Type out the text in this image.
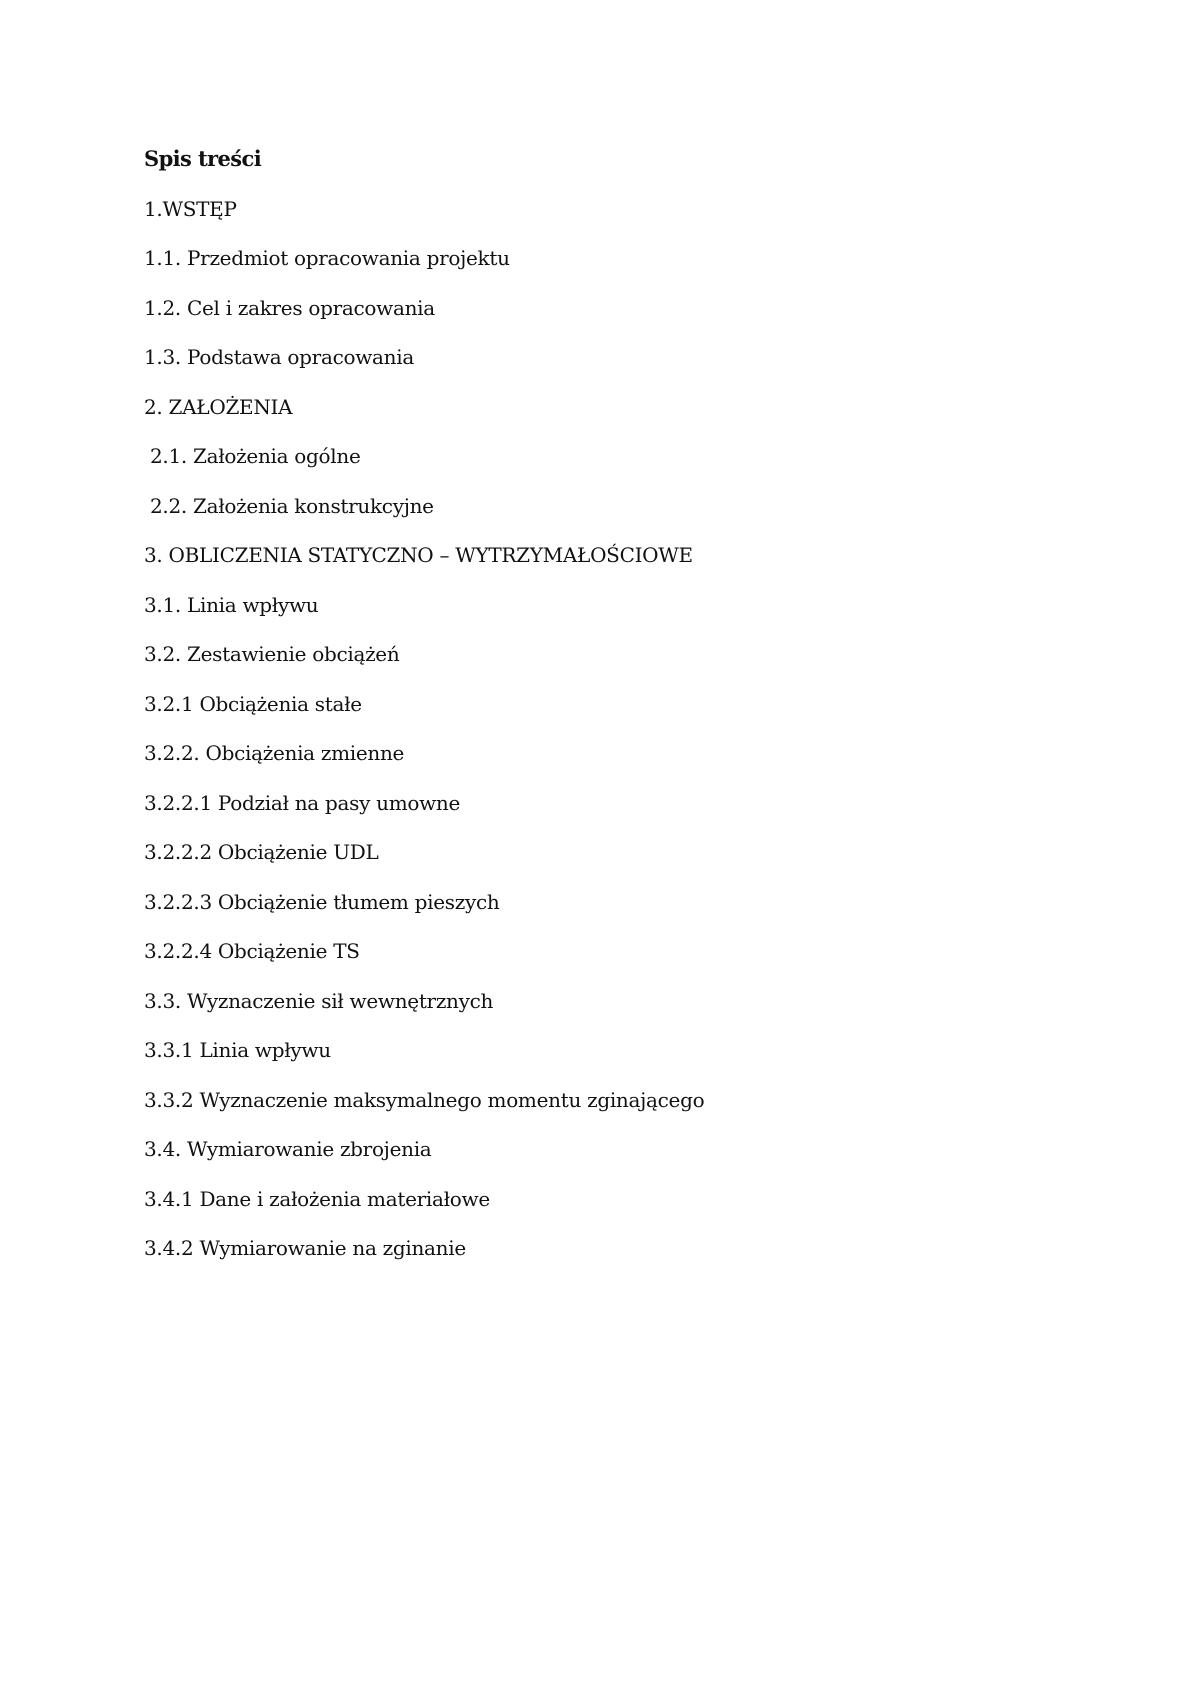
Spis treści
1.WSTĘP
1.1. Przedmiot opracowania projektu
1.2. Cel i zakres opracowania
1.3. Podstawa opracowania
2. ZAŁOŻENIA
2.1. Założenia ogólne
2.2. Założenia konstrukcyjne
3. OBLICZENIA STATYCZNO – WYTRZYMAŁOŚCIOWE
3.1. Linia wpływu
3.2. Zestawienie obciążeń
3.2.1 Obciążenia stałe
3.2.2. Obciążenia zmienne
3.2.2.1 Podział na pasy umowne
3.2.2.2 Obciążenie UDL
3.2.2.3 Obciążenie tłumem pieszych
3.2.2.4 Obciążenie TS
3.3. Wyznaczenie sił wewnętrznych
3.3.1 Linia wpływu
3.3.2 Wyznaczenie maksymalnego momentu zginającego
3.4. Wymiarowanie zbrojenia
3.4.1 Dane i założenia materiałowe
3.4.2 Wymiarowanie na zginanie
